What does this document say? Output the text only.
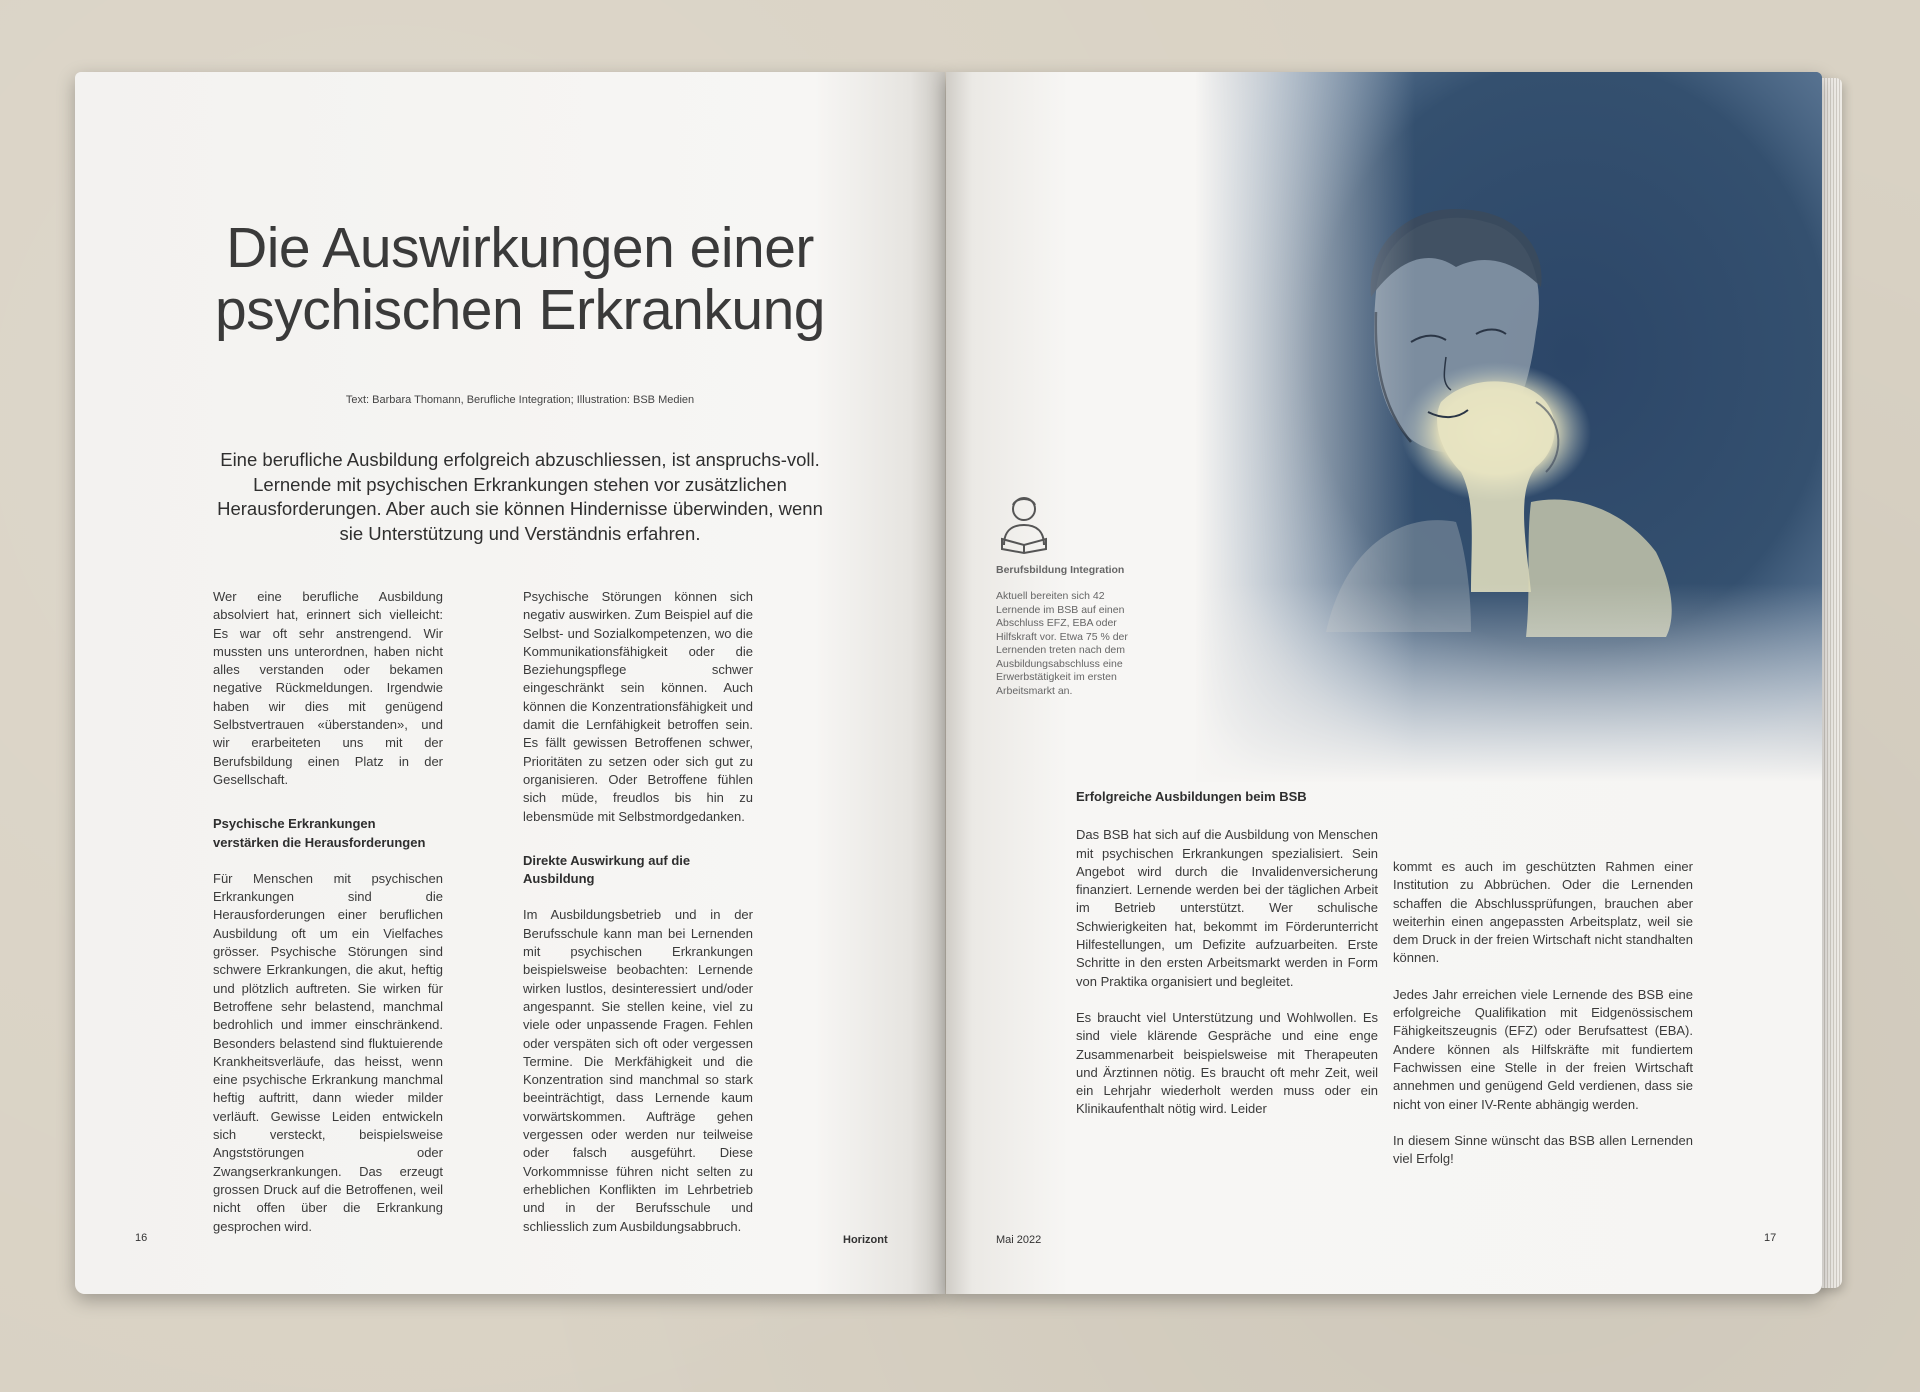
Die Auswirkungen einer
psychischen Erkrankung
Text: Barbara Thomann, Berufliche Integration; Illustration: BSB Medien

Eine berufliche Ausbildung erfolgreich abzuschliessen, ist anspruchs-voll. Lernende mit psychischen Erkrankungen stehen vor zusätzlichen Herausforderungen. Aber auch sie können Hindernisse überwinden, wenn sie Unterstützung und Verständnis erfahren.

Wer eine berufliche Ausbildung absolviert hat, erinnert sich vielleicht: Es war oft sehr anstrengend. Wir mussten uns unterordnen, haben nicht alles verstanden oder bekamen negative Rückmeldungen. Irgendwie haben wir dies mit genügend Selbstvertrauen «überstanden», und wir erarbeiteten uns mit der Berufsbildung einen Platz in der Gesellschaft.

Psychische Erkrankungen verstärken die Herausforderungen

Für Menschen mit psychischen Erkrankungen sind die Herausforderungen einer beruflichen Ausbildung oft um ein Vielfaches grösser. Psychische Störungen sind schwere Erkrankungen, die akut, heftig und plötzlich auftreten. Sie wirken für Betroffene sehr belastend, manchmal bedrohlich und immer einschränkend. Besonders belastend sind fluktuierende Krankheitsverläufe, das heisst, wenn eine psychische Erkrankung manchmal heftig auftritt, dann wieder milder verläuft. Gewisse Leiden entwickeln sich versteckt, beispielsweise Angststörungen oder Zwangserkrankungen. Das erzeugt grossen Druck auf die Betroffenen, weil nicht offen über die Erkrankung gesprochen wird.

Psychische Störungen können sich negativ auswirken. Zum Beispiel auf die Selbst- und Sozialkompetenzen, wo die Kommunikationsfähigkeit oder die Beziehungspflege schwer eingeschränkt sein können. Auch können die Konzentrationsfähigkeit und damit die Lernfähigkeit betroffen sein. Es fällt gewissen Betroffenen schwer, Prioritäten zu setzen oder sich gut zu organisieren. Oder Betroffene fühlen sich müde, freudlos bis hin zu lebensmüde mit Selbstmordgedanken.

Direkte Auswirkung auf die Ausbildung

Im Ausbildungsbetrieb und in der Berufsschule kann man bei Lernenden mit psychischen Erkrankungen beispielsweise beobachten: Lernende wirken lustlos, desinteressiert und/oder angespannt. Sie stellen keine, viel zu viele oder unpassende Fragen. Fehlen oder verspäten sich oft oder vergessen Termine. Die Merkfähigkeit und die Konzentration sind manchmal so stark beeinträchtigt, dass Lernende kaum vorwärtskommen. Aufträge gehen vergessen oder werden nur teilweise oder falsch ausgeführt. Diese Vorkommnisse führen nicht selten zu erheblichen Konflikten im Lehrbetrieb und in der Berufsschule und schliesslich zum Ausbildungsabbruch.

16	Horizont
Berufsbildung Integration
Aktuell bereiten sich 42 Lernende im BSB auf einen Abschluss EFZ, EBA oder Hilfskraft vor. Etwa 75 % der Lernenden treten nach dem Ausbildungsabschluss eine Erwerbstätigkeit im ersten Arbeitsmarkt an.
Erfolgreiche Ausbildungen beim BSB

Das BSB hat sich auf die Ausbildung von Menschen mit psychischen Erkrankungen spezialisiert. Sein Angebot wird durch die Invalidenversicherung finanziert. Lernende werden bei der täglichen Arbeit im Betrieb unterstützt. Wer schulische Schwierigkeiten hat, bekommt im Förderunterricht Hilfestellungen, um Defizite aufzuarbeiten. Erste Schritte in den ersten Arbeitsmarkt werden in Form von Praktika organisiert und begleitet.

Es braucht viel Unterstützung und Wohlwollen. Es sind viele klärende Gespräche und eine enge Zusammenarbeit beispielsweise mit Therapeuten und Ärztinnen nötig. Es braucht oft mehr Zeit, weil ein Lehrjahr wiederholt werden muss oder ein Klinikaufenthalt nötig wird. Leider

kommt es auch im geschützten Rahmen einer Institution zu Abbrüchen. Oder die Lernenden schaffen die Abschlussprüfungen, brauchen aber weiterhin einen angepassten Arbeitsplatz, weil sie dem Druck in der freien Wirtschaft nicht standhalten können.

Jedes Jahr erreichen viele Lernende des BSB eine erfolgreiche Qualifikation mit Eidgenössischem Fähigkeitszeugnis (EFZ) oder Berufsattest (EBA). Andere können als Hilfskräfte mit fundiertem Fachwissen eine Stelle in der freien Wirtschaft annehmen und genügend Geld verdienen, dass sie nicht von einer IV-Rente abhängig werden.

In diesem Sinne wünscht das BSB allen Lernenden viel Erfolg!

Mai 2022	17
